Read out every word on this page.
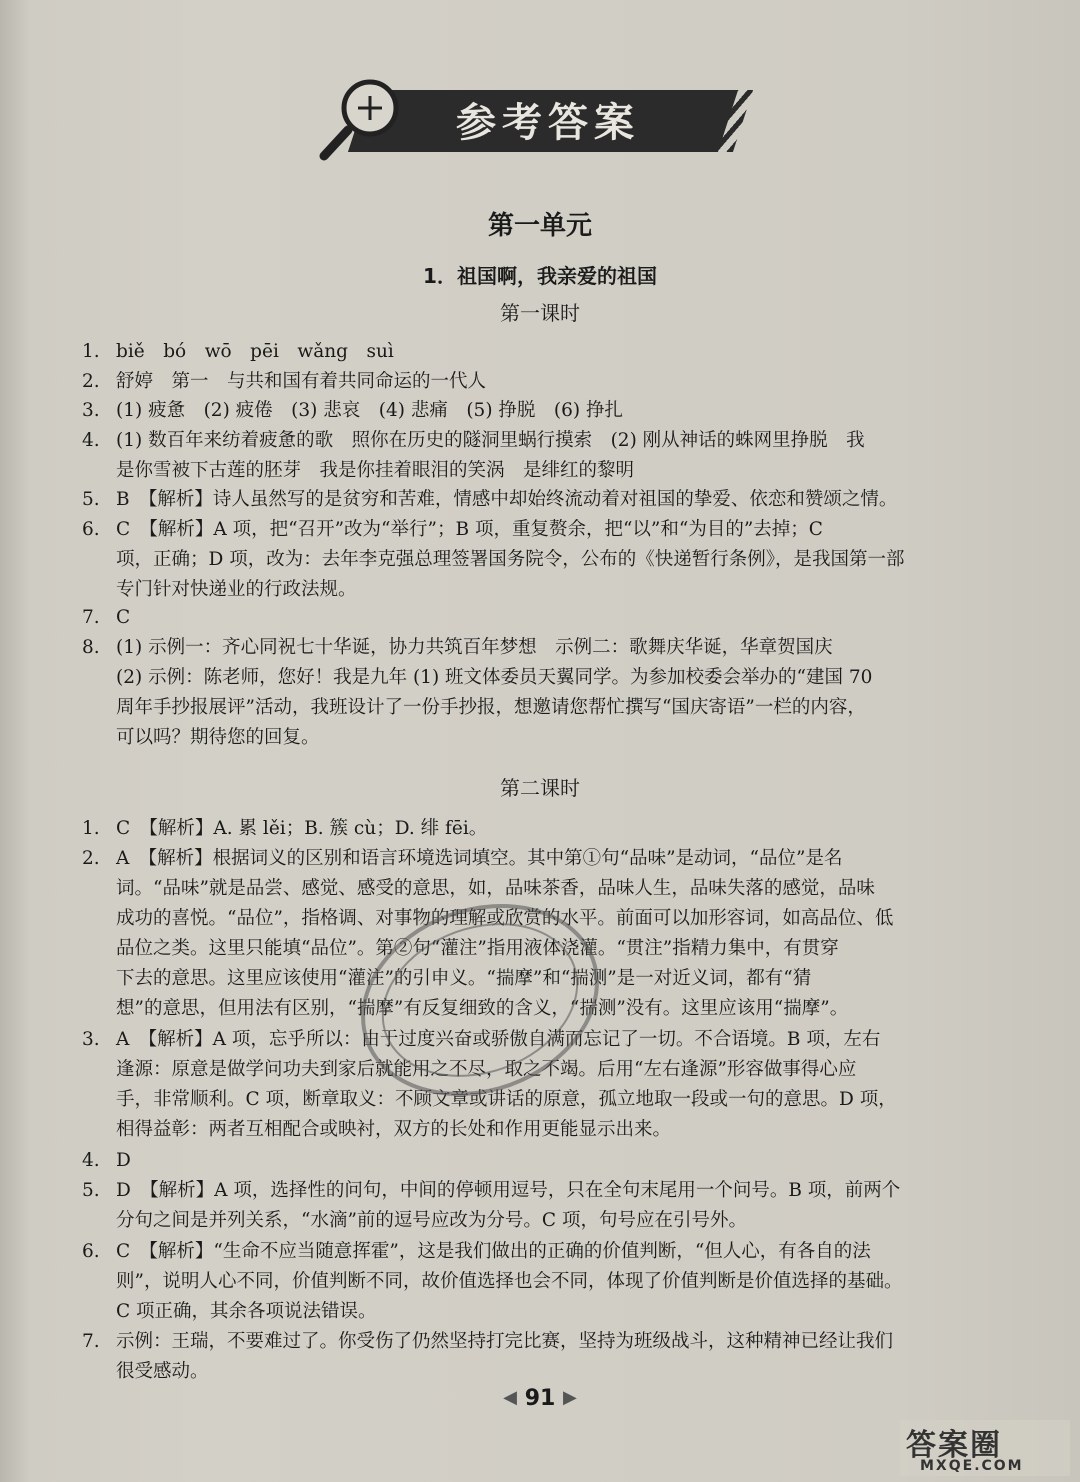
参考答案
第一单元
1．祖国啊，我亲爱的祖国
第一课时
1. biě　bó　wō　pēi　wǎng　suì
2. 舒婷　第一　与共和国有着共同命运的一代人
3. (1) 疲惫　(2) 疲倦　(3) 悲哀　(4) 悲痛　(5) 挣脱　(6) 挣扎
4. (1) 数百年来纺着疲惫的歌　照你在历史的隧洞里蜗行摸索　(2) 刚从神话的蛛网里挣脱　我
是你雪被下古莲的胚芽　我是你挂着眼泪的笑涡　是绯红的黎明
5. B　【解析】诗人虽然写的是贫穷和苦难，情感中却始终流动着对祖国的挚爱、依恋和赞颂之情。
6. C　【解析】A 项，把“召开”改为“举行”；B 项，重复赘余，把“以”和“为目的”去掉；C
项，正确；D 项，改为：去年李克强总理签署国务院令，公布的《快递暂行条例》，是我国第一部
专门针对快递业的行政法规。
7. C
8. (1) 示例一：齐心同祝七十华诞，协力共筑百年梦想　示例二：歌舞庆华诞，华章贺国庆
(2) 示例：陈老师，您好！我是九年 (1) 班文体委员天翼同学。为参加校委会举办的“建国 70
周年手抄报展评”活动，我班设计了一份手抄报，想邀请您帮忙撰写“国庆寄语”一栏的内容，
可以吗？期待您的回复。
第二课时
1. C　【解析】A. 累 lěi；B. 簇 cù；D. 绯 fēi。
2. A　【解析】根据词义的区别和语言环境选词填空。其中第①句“品味”是动词，“品位”是名
词。“品味”就是品尝、感觉、感受的意思，如，品味茶香，品味人生，品味失落的感觉，品味
成功的喜悦。“品位”，指格调、对事物的理解或欣赏的水平。前面可以加形容词，如高品位、低
品位之类。这里只能填“品位”。第②句“灌注”指用液体浇灌。“贯注”指精力集中，有贯穿
下去的意思。这里应该使用“灌注”的引申义。“揣摩”和“揣测”是一对近义词，都有“猜
想”的意思，但用法有区别，“揣摩”有反复细致的含义，“揣测”没有。这里应该用“揣摩”。
3. A　【解析】A 项，忘乎所以：由于过度兴奋或骄傲自满而忘记了一切。不合语境。B 项，左右
逢源：原意是做学问功夫到家后就能用之不尽，取之不竭。后用“左右逢源”形容做事得心应
手，非常顺利。C 项，断章取义：不顾文章或讲话的原意，孤立地取一段或一句的意思。D 项，
相得益彰：两者互相配合或映衬，双方的长处和作用更能显示出来。
4. D
5. D　【解析】A 项，选择性的问句，中间的停顿用逗号，只在全句末尾用一个问号。B 项，前两个
分句之间是并列关系，“水滴”前的逗号应改为分号。C 项，句号应在引号外。
6. C　【解析】“生命不应当随意挥霍”，这是我们做出的正确的价值判断，“但人心，有各自的法
则”，说明人心不同，价值判断不同，故价值选择也会不同，体现了价值判断是价值选择的基础。
C 项正确，其余各项说法错误。
7. 示例：王瑞，不要难过了。你受伤了仍然坚持打完比赛，坚持为班级战斗，这种精神已经让我们
很受感动。
◀ 91 ▶
答案圈
MXQE.COM
